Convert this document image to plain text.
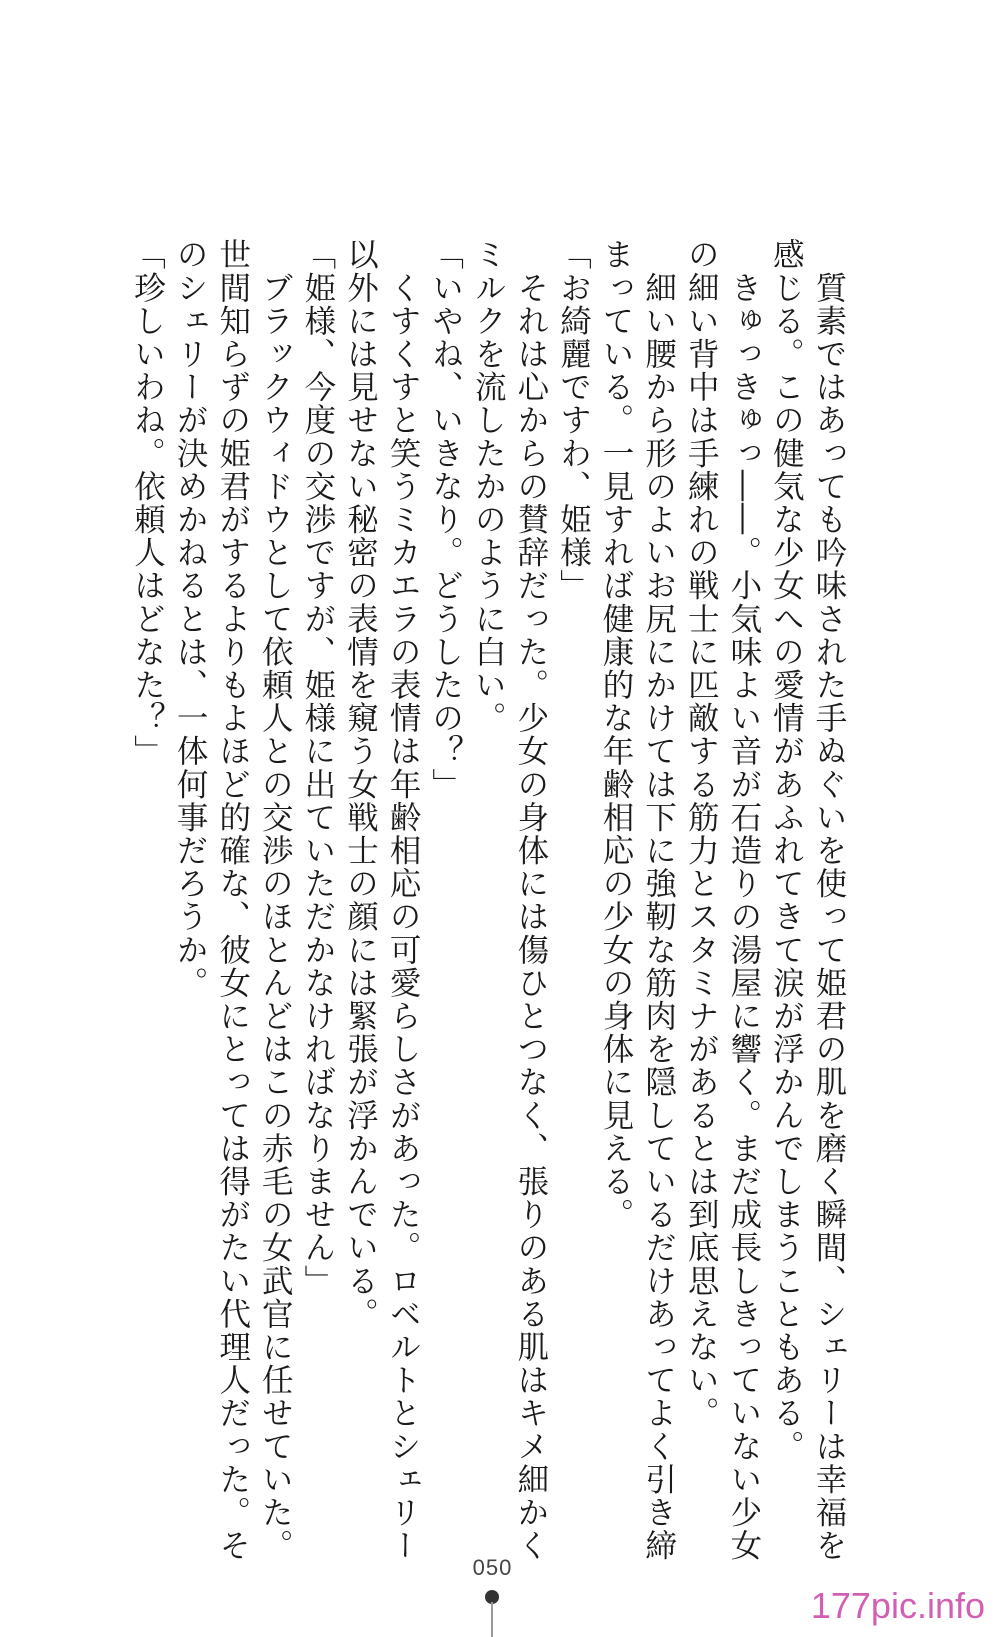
　質素ではあっても吟味された手ぬぐいを使って姫君の肌を磨く瞬間、シェリーは幸福を

感じる。この健気な少女への愛情があふれてきて涙が浮かんでしまうこともある。

　きゅっきゅっ――。小気味よい音が石造りの湯屋に響く。まだ成長しきっていない少女

の細い背中は手練れの戦士に匹敵する筋力とスタミナがあるとは到底思えない。

　細い腰から形のよいお尻にかけては下に強靭な筋肉を隠しているだけあってよく引き締

まっている。一見すれば健康的な年齢相応の少女の身体に見える。

「お綺麗ですわ、姫様」

　それは心からの賛辞だった。少女の身体には傷ひとつなく、張りのある肌はキメ細かく

ミルクを流したかのように白い。

「いやね、いきなり。どうしたの？」

　くすくすと笑うミカエラの表情は年齢相応の可愛らしさがあった。ロベルトとシェリー

以外には見せない秘密の表情を窺う女戦士の顔には緊張が浮かんでいる。

「姫様、今度の交渉ですが、姫様に出ていただかなければなりません」

　ブラックウィドウとして依頼人との交渉のほとんどはこの赤毛の女武官に任せていた。

世間知らずの姫君がするよりもよほど的確な、彼女にとっては得がたい代理人だった。そ

のシェリーが決めかねるとは、一体何事だろうか。

「珍しいわね。依頼人はどなた？」

050
177pic.info
